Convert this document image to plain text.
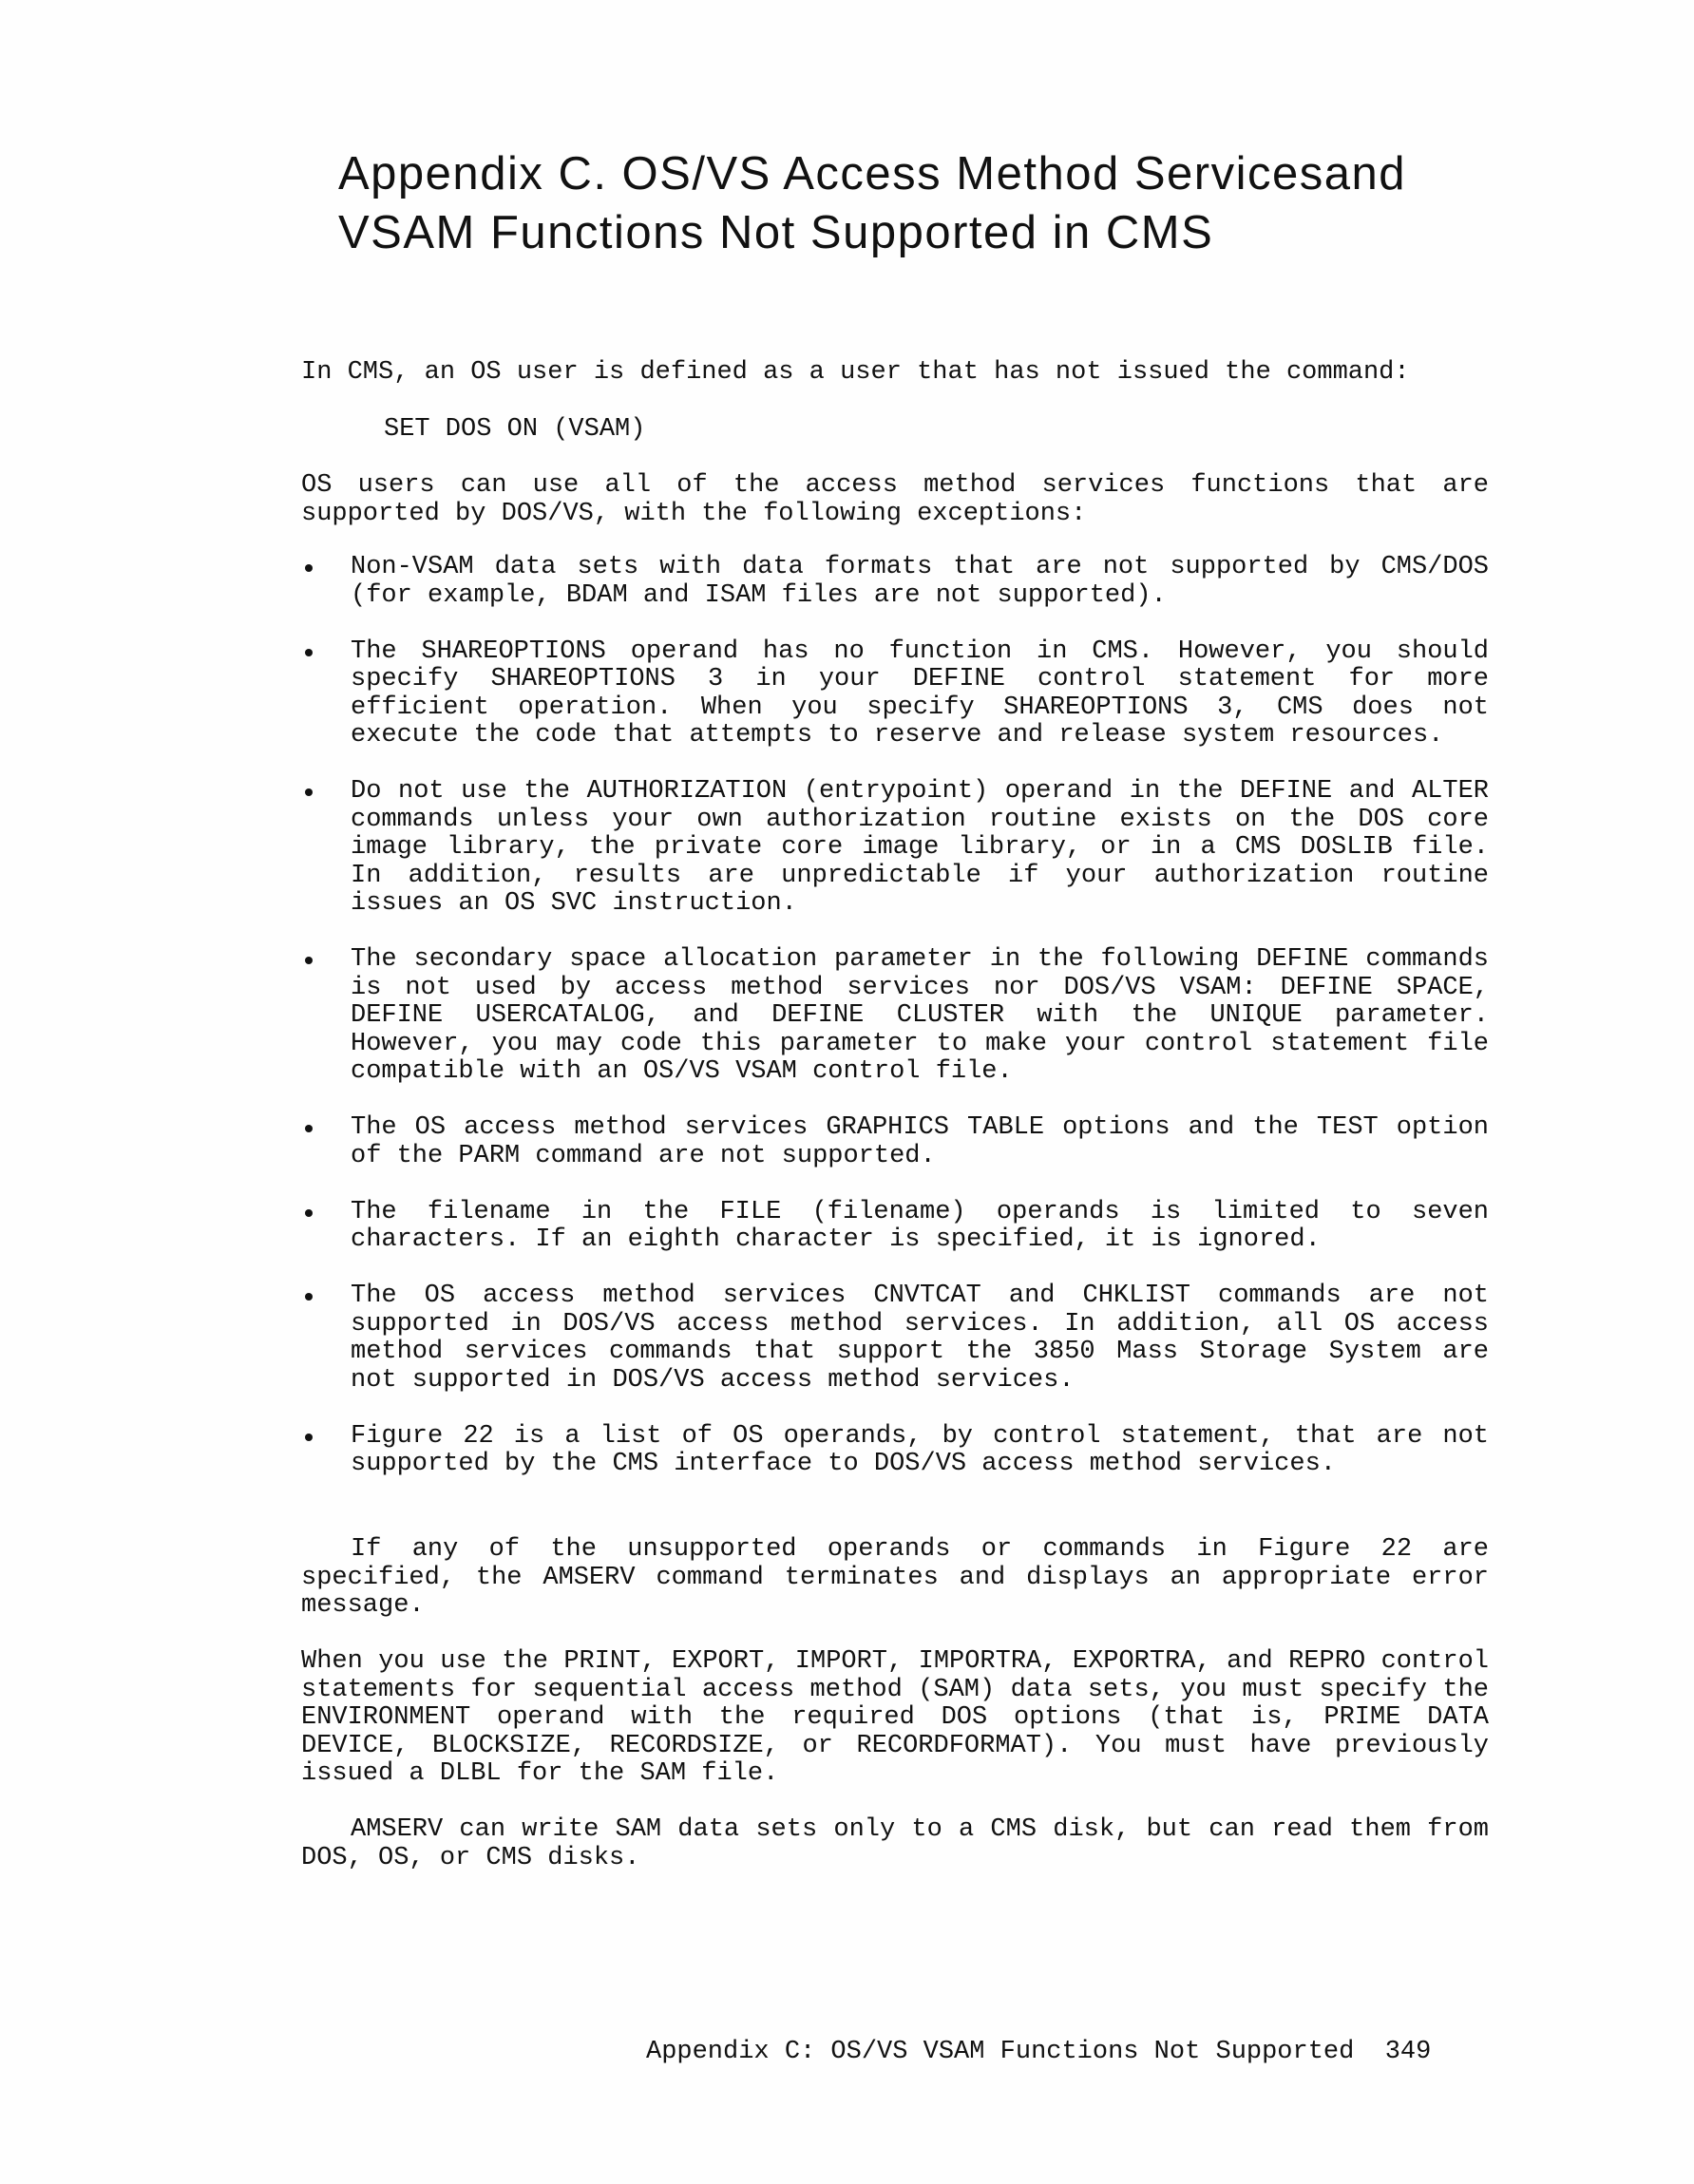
Appendix C. OS/VS Access Method Servicesand
VSAM Functions Not Supported in CMS

In CMS, an OS user is defined as a user that has not issued the command:

SET DOS ON (VSAM)

OS users can use all of the access method services functions that are supported by DOS/VS, with the following exceptions:

Non-VSAM data sets with data formats that are not supported by CMS/DOS (for example, BDAM and ISAM files are not supported).
The SHAREOPTIONS operand has no function in CMS. However, you should specify SHAREOPTIONS 3 in your DEFINE control statement for more efficient operation. When you specify SHAREOPTIONS 3, CMS does not execute the code that attempts to reserve and release system resources.
Do not use the AUTHORIZATION (entrypoint) operand in the DEFINE and ALTER commands unless your own authorization routine exists on the DOS core image library, the private core image library, or in a CMS DOSLIB file. In addition, results are unpredictable if your authorization routine issues an OS SVC instruction.
The secondary space allocation parameter in the following DEFINE commands is not used by access method services nor DOS/VS VSAM: DEFINE SPACE, DEFINE USERCATALOG, and DEFINE CLUSTER with the UNIQUE parameter. However, you may code this parameter to make your control statement file compatible with an OS/VS VSAM control file.
The OS access method services GRAPHICS TABLE options and the TEST option of the PARM command are not supported.
The filename in the FILE (filename) operands is limited to seven characters. If an eighth character is specified, it is ignored.
The OS access method services CNVTCAT and CHKLIST commands are not supported in DOS/VS access method services. In addition, all OS access method services commands that support the 3850 Mass Storage System are not supported in DOS/VS access method services.
Figure 22 is a list of OS operands, by control statement, that are not supported by the CMS interface to DOS/VS access method services.

If any of the unsupported operands or commands in Figure 22 are specified, the AMSERV command terminates and displays an appropriate error message.

When you use the PRINT, EXPORT, IMPORT, IMPORTRA, EXPORTRA, and REPRO control statements for sequential access method (SAM) data sets, you must specify the ENVIRONMENT operand with the required DOS options (that is, PRIME DATA DEVICE, BLOCKSIZE, RECORDSIZE, or RECORDFORMAT). You must have previously issued a DLBL for the SAM file.

AMSERV can write SAM data sets only to a CMS disk, but can read them from DOS, OS, or CMS disks.

Appendix C: OS/VS VSAM Functions Not Supported 349
